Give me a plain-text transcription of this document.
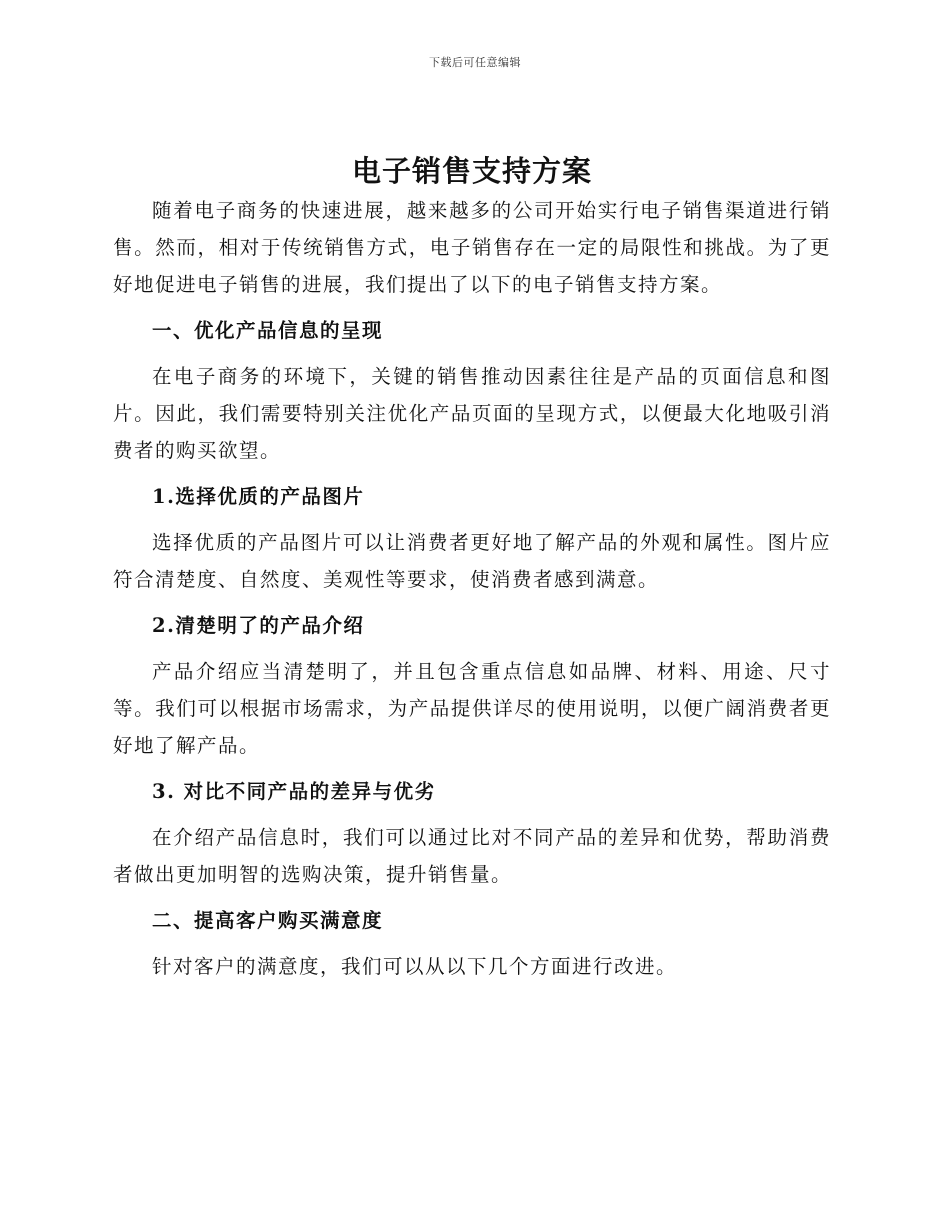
下载后可任意编辑
电子销售支持方案

随着电子商务的快速进展，越来越多的公司开始实行电子销售渠道进行销售。然而，相对于传统销售方式，电子销售存在一定的局限性和挑战。为了更好地促进电子销售的进展，我们提出了以下的电子销售支持方案。

一、优化产品信息的呈现

在电子商务的环境下，关键的销售推动因素往往是产品的页面信息和图片。因此，我们需要特别关注优化产品页面的呈现方式，以便最大化地吸引消费者的购买欲望。

1.选择优质的产品图片

选择优质的产品图片可以让消费者更好地了解产品的外观和属性。图片应符合清楚度、自然度、美观性等要求，使消费者感到满意。

2.清楚明了的产品介绍

产品介绍应当清楚明了，并且包含重点信息如品牌、材料、用途、尺寸等。我们可以根据市场需求，为产品提供详尽的使用说明，以便广阔消费者更好地了解产品。

3. 对比不同产品的差异与优劣

在介绍产品信息时，我们可以通过比对不同产品的差异和优势，帮助消费者做出更加明智的选购决策，提升销售量。

二、提高客户购买满意度

针对客户的满意度，我们可以从以下几个方面进行改进。
